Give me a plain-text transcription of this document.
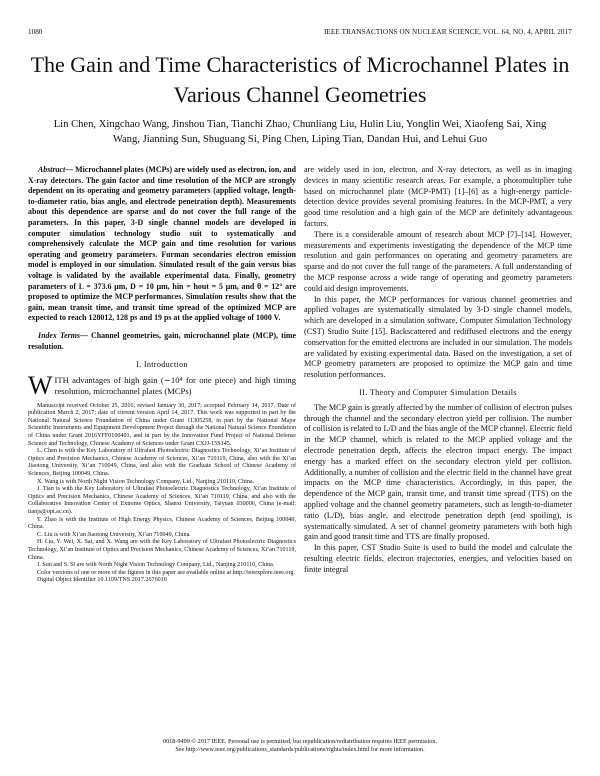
1080	IEEE TRANSACTIONS ON NUCLEAR SCIENCE, VOL. 64, NO. 4, APRIL 2017
The Gain and Time Characteristics of Microchannel Plates in Various Channel Geometries
Lin Chen, Xingchao Wang, Jinshou Tian, Tianchi Zhao, Chunliang Liu, Hulin Liu, Yonglin Wei, Xiaofeng Sai, Xing Wang, Jianning Sun, Shuguang Si, Ping Chen, Liping Tian, Dandan Hui, and Lehui Guo

Abstract— Microchannel plates (MCPs) are widely used as electron, ion, and X-ray detectors. The gain factor and time resolution of the MCP are strongly dependent on its operating and geometry parameters (applied voltage, length-to-diameter ratio, bias angle, and electrode penetration depth). Measurements about this dependence are sparse and do not cover the full range of the parameters. In this paper, 3-D single channel models are developed in computer simulation technology studio suit to systematically and comprehensively calculate the MCP gain and time resolution for various operating and geometry parameters. Furman secondaries electron emission model is employed in our simulation. Simulated result of the gain versus bias voltage is validated by the available experimental data. Finally, geometry parameters of L = 373.6 μm, D = 10 μm, hin = hout = 5 μm, and θ = 12° are proposed to optimize the MCP performances. Simulation results show that the gain, mean transit time, and transit time spread of the optimized MCP are expected to reach 128012, 128 ps and 19 ps at the applied voltage of 1000 V.

Index Terms— Channel geometries, gain, microchannel plate (MCP), time resolution.

I. Introduction

WITH advantages of high gain (∼10⁴ for one piece) and high timing resolution, microchannel plates (MCPs)

Manuscript received October 25, 2016; revised January 30, 2017; accepted February 14, 2017. Date of publication March 2, 2017; date of current version April 14, 2017. This work was supported in part by the National Natural Science Foundation of China under Grant 11305258, in part by the National Major Scientific Instruments and Equipment Development Project through the National Natural Science Foundation of China under Grant 2016YFF0100401, and in part by the Innovation Fund Project of National Defense Science and Technology, Chinese Academy of Sciences under Grant CXJJ-15S145.

L. Chen is with the Key Laboratory of Ultrafast Photoelectric Diagnostics Technology, Xi’an Institute of Optics and Precision Mechanics, Chinese Academy of Sciences, Xi’an 710119, China, also with the Xi’an Jiaotong University, Xi’an 710049, China, and also with the Graduate School of Chinese Academy of Sciences, Beijing 100049, China.

X. Wang is with North Night Vision Technology Company, Ltd., Nanjing 210110, China.

J. Tian is with the Key Laboratory of Ultrafast Photoelectric Diagnostics Technology, Xi’an Institute of Optics and Precision Mechanics, Chinese Academy of Sciences, Xi’an 710119, China, and also with the Collaborative Innovation Center of Extreme Optics, Shanxi University, Taiyuan 030006, China (e-mail: tianjs@opt.ac.cn).

T. Zhao is with the Institute of High Energy Physics, Chinese Academy of Sciences, Beijing 100049, China.

C. Liu is with Xi’an Jiaotong University, Xi’an 710049, China.

H. Liu, Y. Wei, X. Sai, and X. Wang are with the Key Laboratory of Ultrafast Photoelectric Diagnostics Technology, Xi’an Institute of Optics and Precision Mechanics, Chinese Academy of Sciences, Xi’an 710119, China.

J. Sun and S. Si are with North Night Vision Technology Company, Ltd., Nanjing 210110, China.

Color versions of one or more of the figures in this paper are available online at http://ieeexplore.ieee.org.

Digital Object Identifier 10.1109/TNS.2017.2676010

are widely used in ion, electron, and X-ray detectors, as well as in imaging devices in many scientific research areas. For example, a photomultiplier tube based on microchannel plate (MCP-PMT) [1]–[6] as a high-energy particle-detection device provides several promising features. In the MCP-PMT, a very good time resolution and a high gain of the MCP are definitely advantageous factors.

There is a considerable amount of research about MCP [7]–[14]. However, measurements and experiments investigating the dependence of the MCP time resolution and gain performances on operating and geometry parameters are sparse and do not cover the full range of the parameters. A full understanding of the MCP response across a wide range of operating and geometry parameters could aid design improvements.

In this paper, the MCP performances for various channel geometries and applied voltages are systematically simulated by 3-D single channel models, which are developed in a simulation software, Computer Simulation Technology (CST) Studio Suite [15]. Backscattered and rediffused electrons and the energy conservation for the emitted electrons are included in our simulation. The models are validated by existing experimental data. Based on the investigation, a set of MCP geometry parameters are proposed to optimize the MCP gain and time resolution performances.

II. Theory and Computer Simulation Details

The MCP gain is greatly affected by the number of collision of electron pulses through the channel and the secondary electron yield per collision. The number of collision is related to L/D and the bias angle of the MCP channel. Electric field in the MCP channel, which is related to the MCP applied voltage and the electrode penetration depth, affects the electron impact energy. The impact energy has a marked effect on the secondary electron yield per collision. Additionally, a number of collision and the electric field in the channel have great impacts on the MCP time characteristics. Accordingly, in this paper, the dependence of the MCP gain, transit time, and transit time spread (TTS) on the applied voltage and the channel geometry parameters, such as length-to-diameter ratio (L/D), bias angle, and electrode penetration depth (end spoiling), is systematically simulated. A set of channel geometry parameters with both high gain and good transit time and TTS are finally proposed.

In this paper, CST Studio Suite is used to build the model and calculate the resulting electric fields, electron trajectories, energies, and velocities based on finite integral

0018-9499 © 2017 IEEE. Personal use is permitted, but republication/redistribution requires IEEE permission.
See http://www.ieee.org/publications_standards/publications/rights/index.html for more information.
